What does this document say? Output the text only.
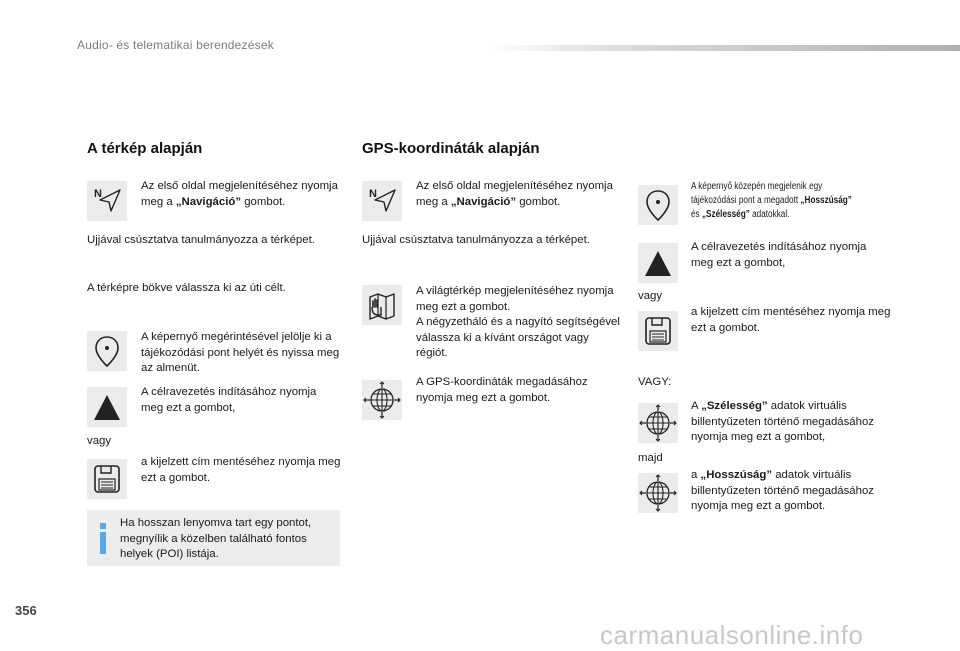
Audio- és telematikai berendezések
A térkép alapján
N
Az első oldal megjelenítéséhez nyomja meg a „Navigáció” gombot.
Ujjával csúsztatva tanulmányozza a térképet.
A térképre bökve válassza ki az úti célt.
A képernyő megérintésével jelölje ki a tájékozódási pont helyét és nyissa meg az almenüt.
A célravezetés indításához nyomja meg ezt a gombot,
vagy
a kijelzett cím mentéséhez nyomja meg ezt a gombot.
Ha hosszan lenyomva tart egy pontot, megnyílik a közelben található fontos helyek (POI) listája.
GPS-koordináták alapján
N
Az első oldal megjelenítéséhez nyomja meg a „Navigáció” gombot.
Ujjával csúsztatva tanulmányozza a térképet.
A világtérkép megjelenítéséhez nyomja meg ezt a gombot.
A négyzetháló és a nagyító segítségével válassza ki a kívánt országot vagy régiót.
A GPS-koordináták megadásához nyomja meg ezt a gombot.
A képernyő közepén megjelenik egy
tájékozódási pont a megadott „Hosszúság”
és „Szélesség” adatokkal.
A célravezetés indításához nyomja meg ezt a gombot,
vagy
a kijelzett cím mentéséhez nyomja meg ezt a gombot.
VAGY:
A „Szélesség” adatok virtuális billentyűzeten történő megadásához nyomja meg ezt a gombot,
majd
a „Hosszúság” adatok virtuális billentyűzeten történő megadásához nyomja meg ezt a gombot.
356
carmanualsonline.info
